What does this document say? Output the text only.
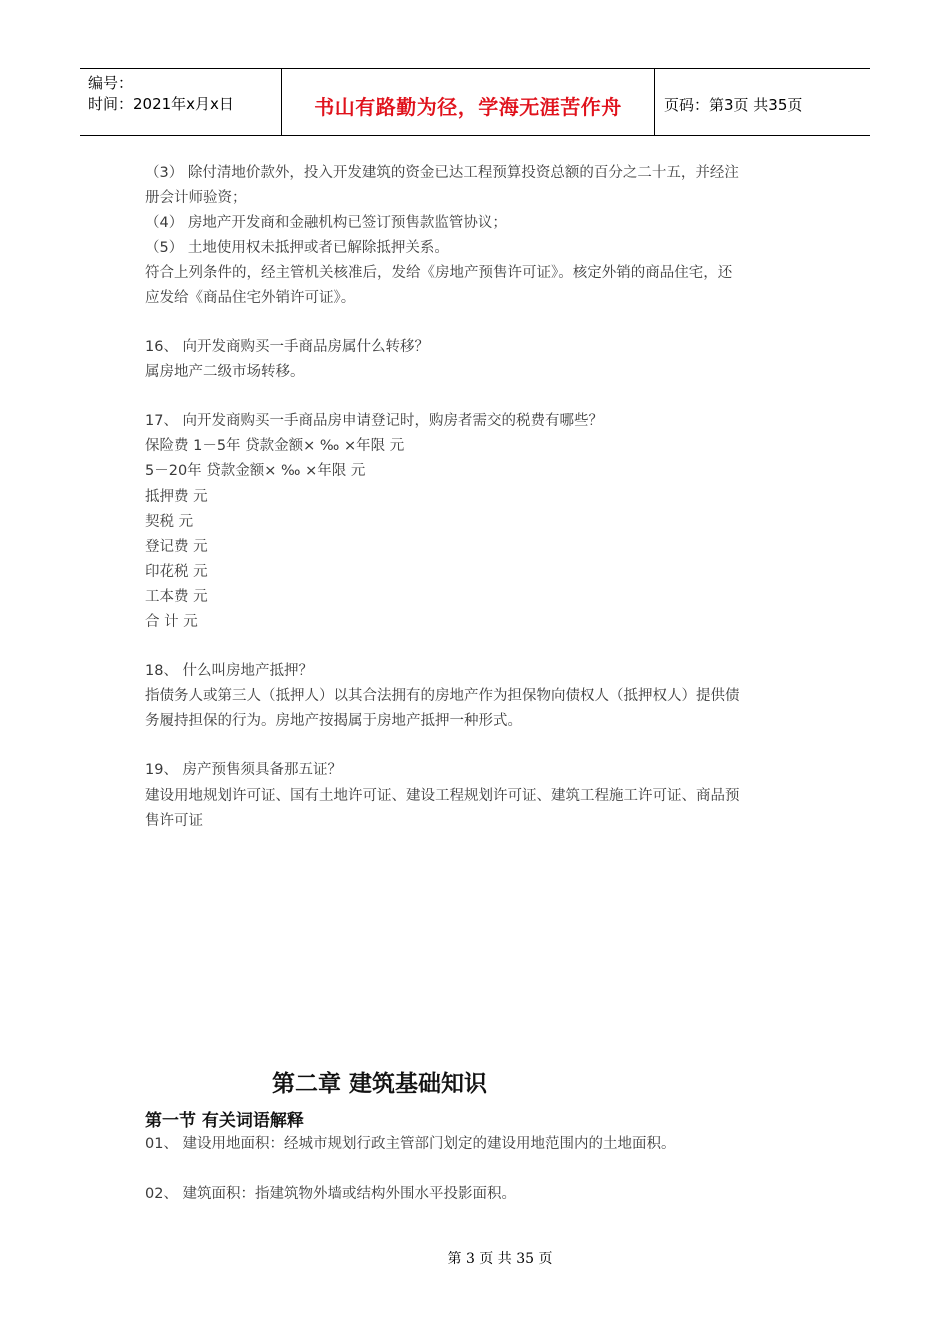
编号：
时间：2021年x月x日	书山有路勤为径，学海无涯苦作舟	页码：第3页 共35页
（3） 除付清地价款外，投入开发建筑的资金已达工程预算投资总额的百分之二十五，并经注
册会计师验资；
（4） 房地产开发商和金融机构已签订预售款监管协议；
（5） 土地使用权未抵押或者已解除抵押关系。
符合上列条件的，经主管机关核准后，发给《房地产预售许可证》。核定外销的商品住宅，还
应发给《商品住宅外销许可证》。
16、 向开发商购买一手商品房属什么转移？
属房地产二级市场转移。
17、 向开发商购买一手商品房申请登记时，购房者需交的税费有哪些？
保险费 1－5年 贷款金额× ‰ ×年限 元
5－20年 贷款金额× ‰ ×年限 元
抵押费 元
契税 元
登记费 元
印花税 元
工本费 元
合 计 元
18、 什么叫房地产抵押？
指债务人或第三人（抵押人）以其合法拥有的房地产作为担保物向债权人（抵押权人）提供债
务履持担保的行为。房地产按揭属于房地产抵押一种形式。
19、 房产预售须具备那五证？
建设用地规划许可证、国有土地许可证、建设工程规划许可证、建筑工程施工许可证、商品预
售许可证
01、 建设用地面积：经城市规划行政主管部门划定的建设用地范围内的土地面积。
02、 建筑面积：指建筑物外墙或结构外围水平投影面积。
第二章 建筑基础知识
第一节 有关词语解释
第 3 页 共 35 页
